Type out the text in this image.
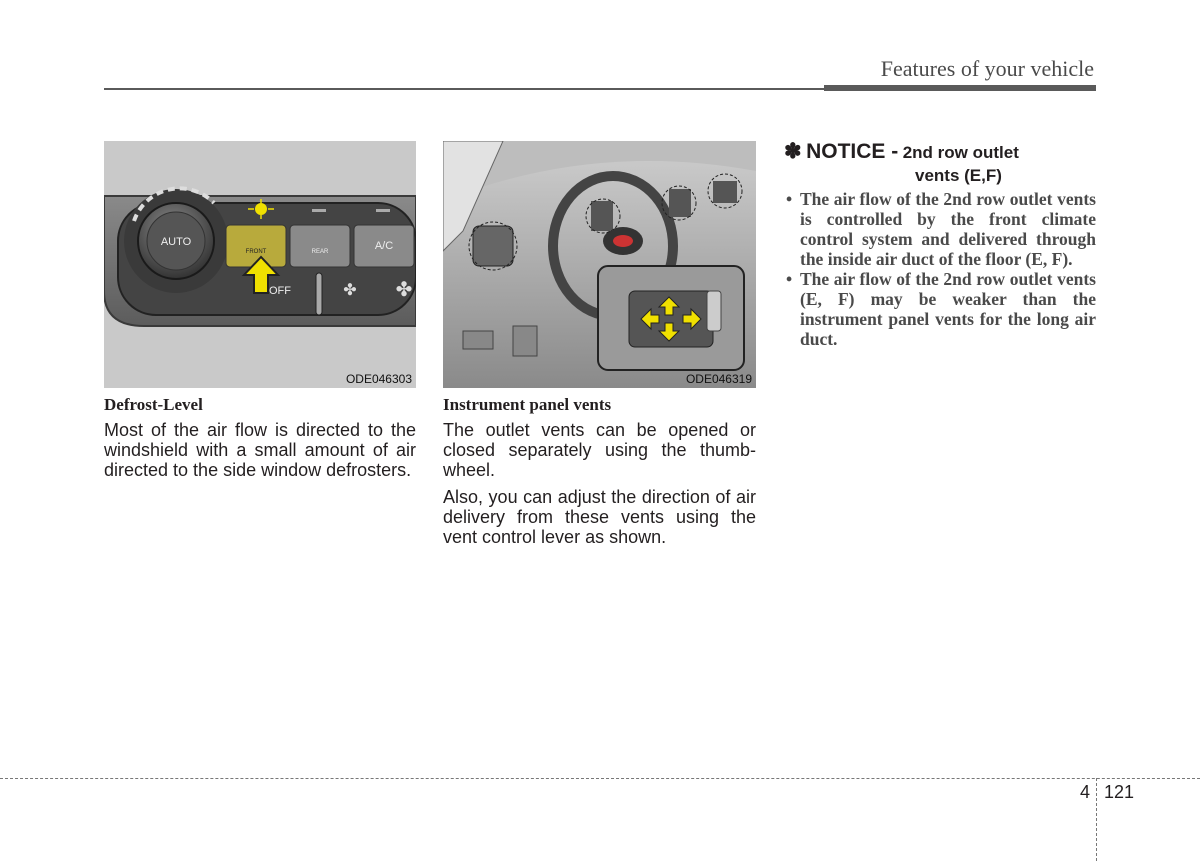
Features of your vehicle
AUTO
FRONT	REAR	A/C
OFF	✤ ✤
ODE046303	ODE046319

Defrost-Level

Most of the air flow is directed to the windshield with a small amount of air directed to the side window defrosters.

Instrument panel vents

The outlet vents can be opened or closed separately using the thumb-wheel.

Also, you can adjust the direction of air delivery from these vents using the vent control lever as shown.

✽ NOTICE - 2nd row outlet
vents (E,F)
• The air flow of the 2nd row outlet vents is controlled by the front climate control system and delivered through the inside air duct of the floor (E, F).
• The air flow of the 2nd row outlet vents (E, F) may be weaker than the instrument panel vents for the long air duct.
4 121
